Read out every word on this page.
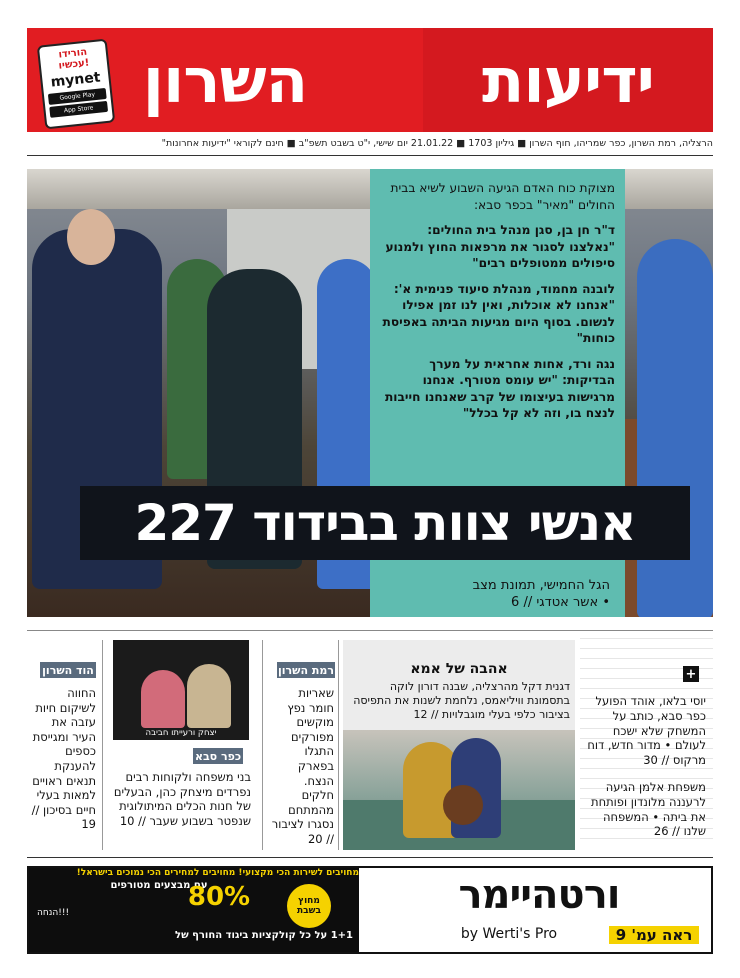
השרון	ידיעות
הורידו עכשיו!
mynet
Google Play
App Store
הרצליה, רמת השרון, כפר שמריהו, חוף השרון ■ גיליון 1703 ■ 21.01.22 יום שישי, י"ט בשבט תשפ"ב ■ חינם לקוראי "ידיעות אחרונות"

מצוקת כוח האדם הגיעה השבוע לשיא בבית החולים "מאיר" בכפר סבא:

ד"ר חן בן, סגן מנהל בית החולים: "נאלצנו לסגור את מרפאות החוץ ולמנוע סיפולים ממטופלים רבים"

לובנה מחמוד, מנהלת סיעוד פנימית א': "אנחנו לא אוכלות, ואין לנו זמן אפילו לנשום. בסוף היום מגיעות הביתה באפיסת כוחות"

נגה ורד, אחות אחראית על מערך הבדיקות: "יש עומס מטורף. אנחנו מרגישות בעיצומו של קרב שאנחנו חייבות לנצח בו, וזה לא קל בכלל"

227 אנשי צוות בבידוד
הגל החמישי, תמונת מצב
• אשר אטדגי // 6
+

יוסי בלאו, אוהד הפועל כפר סבא, כותב על המשחק שלא ישכח לעולם • מדור חדש, דוח מרקוס // 30

משפחת אלמן הגיעה לרעננה מלונדון ופותחת את ביתה • המשפחה שלנו // 26

אהבה של אמא
דגנית דקל מהרצליה, שבנה דורון לוקה בתסמונת וויליאמס, נלחמת לשנות את התפיסה בציבור כלפי בעלי מוגבלויות // 12
רמת השרון
שאריות חומר נפץ מוקשים מפורקים התגלו בפארק הנצח. חלקים מהמתחם נסגרו לציבור // 20
יצחק ורעייתו חביבה
כפר סבא
בני משפחה ולקוחות רבים נפרדים מיצחק כהן, הבעלים של חנות הכלים המיתולוגית שנפטר בשבוע שעבר // 10
הוד השרון
החווה לשיקום חיות עזבה את העיר ומגייסת כספים להענקת תנאים ראויים למאות בעלי חיים בסיכון // 19
מחויבים לשירות הכי מקצועי! מחויבים למחירים הכי נמוכים בישראל!
עם מבצעים מטורפים
80%
הנחה!!!
מחוץ בשבת
1+1 על כל קולקציות ביגוד החורף של
ורטהיימר
by Werti's Pro	ראה עמ' 9
